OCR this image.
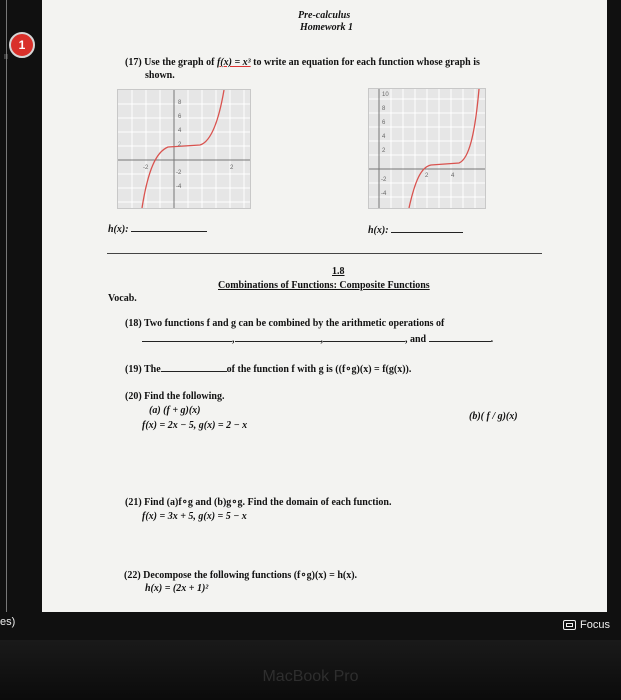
1
II
Pre-calculus
Homework 1
(17) Use the graph of f(x) = x³ to write an equation for each function whose graph is
shown.
8
6
4
2
-2
-4
-2	2
10
8
6
4
2
-2
-4
2	4
h(x):	h(x):
1.8
Combinations of Functions: Composite Functions
Vocab.
(18) Two functions f and g can be combined by the arithmetic operations of
,	,	, and	.
(19) The	of the function f with g is ((f∘g)(x) = f(g(x)).
(20) Find the following.
(a) (f + g)(x)
(b)( f / g)(x)
f(x) = 2x − 5, g(x) = 2 − x
(21) Find (a)f∘g and (b)g∘g. Find the domain of each function.
f(x) = 3x + 5, g(x) = 5 − x
(22) Decompose the following functions (f∘g)(x) = h(x).
h(x) = (2x + 1)²
es)	Focus
MacBook Pro
